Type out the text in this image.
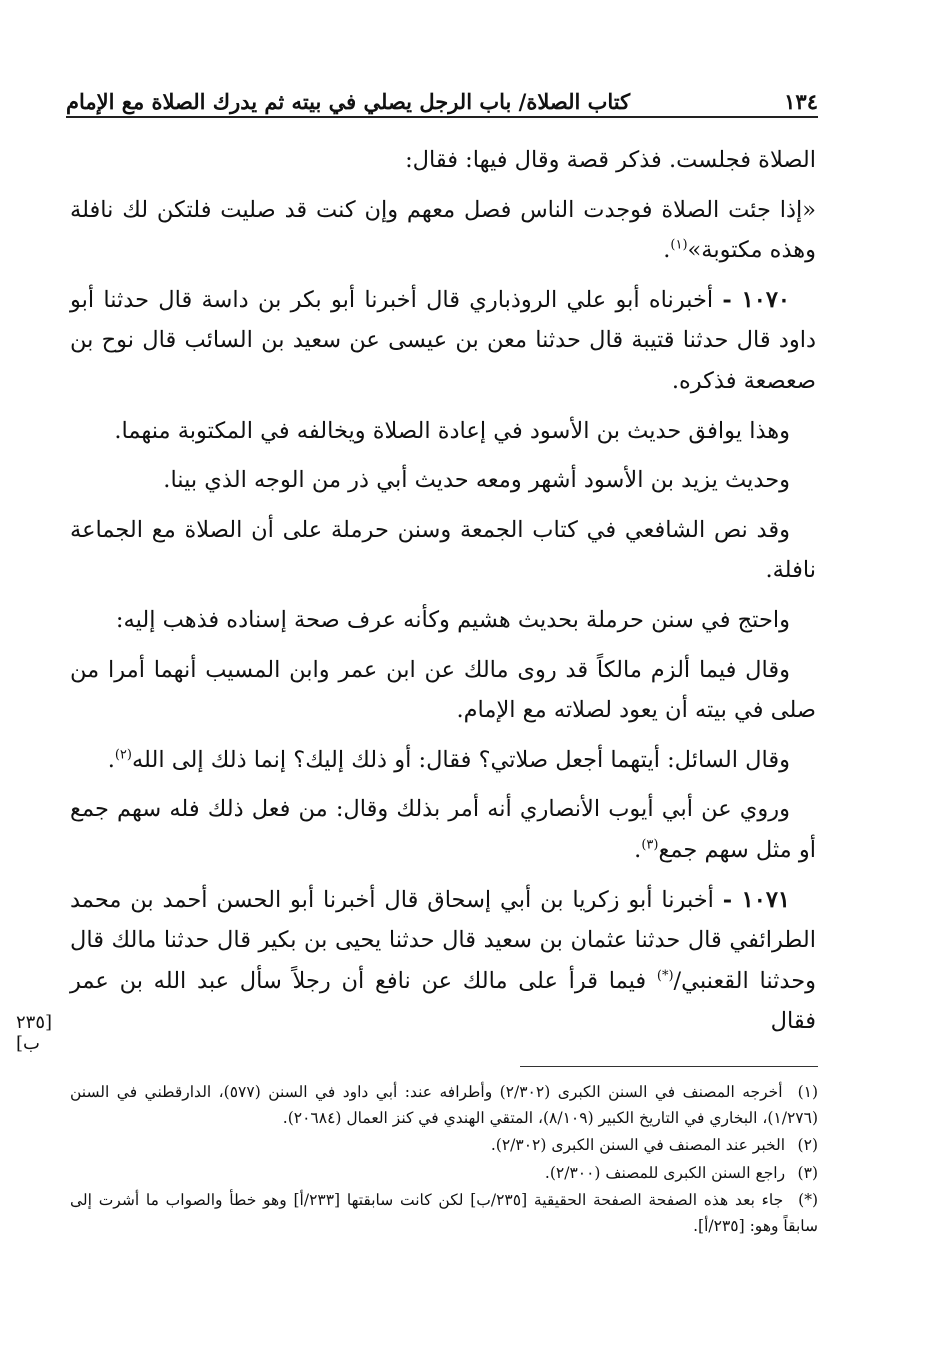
١٣٤
كتاب الصلاة/ باب الرجل يصلي في بيته ثم يدرك الصلاة مع الإمام

الصلاة فجلست. فذكر قصة وقال فيها: فقال:

«إذا جئت الصلاة فوجدت الناس فصل معهم وإن كنت قد صليت فلتكن لك نافلة وهذه مكتوبة»$^{(١)}$.

١٠٧٠ - أخبرناه أبو علي الروذباري قال أخبرنا أبو بكر بن داسة قال حدثنا أبو داود قال حدثنا قتيبة قال حدثنا معن بن عيسى عن سعيد بن السائب قال نوح بن صعصعة فذكره.

وهذا يوافق حديث بن الأسود في إعادة الصلاة ويخالفه في المكتوبة منهما.

وحديث يزيد بن الأسود أشهر ومعه حديث أبي ذر من الوجه الذي بينا.

وقد نص الشافعي في كتاب الجمعة وسنن حرملة على أن الصلاة مع الجماعة نافلة.

واحتج في سنن حرملة بحديث هشيم وكأنه عرف صحة إسناده فذهب إليه:

وقال فيما ألزم مالكاً قد روى مالك عن ابن عمر وابن المسيب أنهما أمرا من صلى في بيته أن يعود لصلاته مع الإمام.

وقال السائل: أيتهما أجعل صلاتي؟ فقال: أو ذلك إليك؟ إنما ذلك إلى الله$^{(٢)}$.

وروي عن أبي أيوب الأنصاري أنه أمر بذلك وقال: من فعل ذلك فله سهم جمع أو مثل سهم جمع$^{(٣)}$.

١٠٧١ - أخبرنا أبو زكريا بن أبي إسحاق قال أخبرنا أبو الحسن أحمد بن محمد الطرائفي قال حدثنا عثمان بن سعيد قال حدثنا يحيى بن بكير قال حدثنا مالك قال وحدثنا القعنبي/(*) فيما قرأ على مالك عن نافع أن رجلاً سأل عبد الله بن عمر فقال

[٢٣٥ ب]

(١) أخرجه المصنف في السنن الكبرى (٢/٣٠٢) وأطرافه عند: أبي داود في السنن (٥٧٧)، الدارقطني في السنن (١/٢٧٦)، البخاري في التاريخ الكبير (٨/١٠٩)، المتقي الهندي في كنز العمال (٢٠٦٨٤).

(٢) الخبر عند المصنف في السنن الكبرى (٢/٣٠٢).

(٣) راجع السنن الكبرى للمصنف (٢/٣٠٠).

(*) جاء بعد هذه الصفحة الصفحة الحقيقية [٢٣٥/ب] لكن كانت سابقتها [٢٣٣/أ] وهو خطأ والصواب ما أشرت إلى سابقاً وهو: [٢٣٥/أ].
